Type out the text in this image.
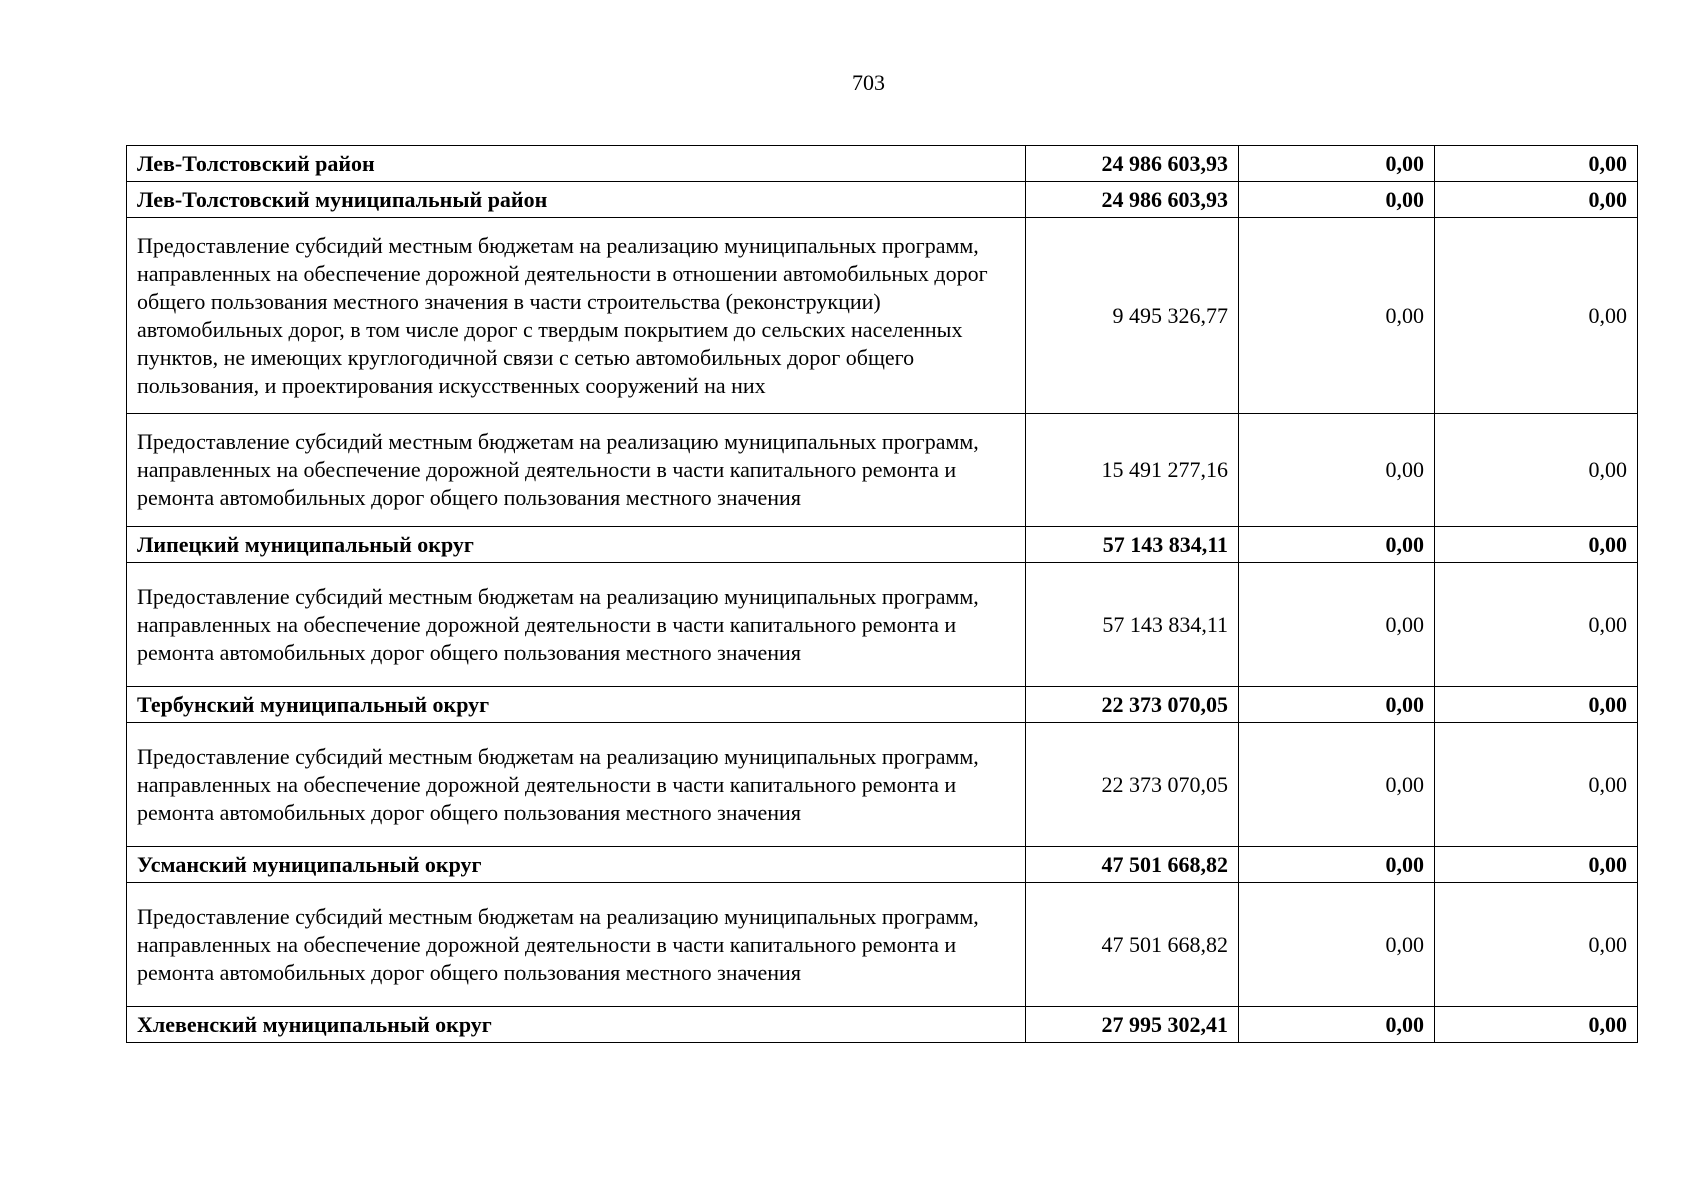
703
Лев-Толстовский район	24 986 603,93	0,00	0,00
Лев-Толстовский муниципальный район	24 986 603,93	0,00	0,00
Предоставление субсидий местным бюджетам на реализацию муниципальных программ, направленных на обеспечение дорожной деятельности в отношении автомобильных дорог общего пользования местного значения в части строительства (реконструкции) автомобильных дорог, в том числе дорог с твердым покрытием до сельских населенных пунктов, не имеющих круглогодичной связи с сетью автомобильных дорог общего пользования, и проектирования искусственных сооружений на них	9 495 326,77	0,00	0,00
Предоставление субсидий местным бюджетам на реализацию муниципальных программ, направленных на обеспечение дорожной деятельности в части капитального ремонта и ремонта автомобильных дорог общего пользования местного значения	15 491 277,16	0,00	0,00
Липецкий муниципальный округ	57 143 834,11	0,00	0,00
Предоставление субсидий местным бюджетам на реализацию муниципальных программ, направленных на обеспечение дорожной деятельности в части капитального ремонта и ремонта автомобильных дорог общего пользования местного значения	57 143 834,11	0,00	0,00
Тербунский муниципальный округ	22 373 070,05	0,00	0,00
Предоставление субсидий местным бюджетам на реализацию муниципальных программ, направленных на обеспечение дорожной деятельности в части капитального ремонта и ремонта автомобильных дорог общего пользования местного значения	22 373 070,05	0,00	0,00
Усманский муниципальный округ	47 501 668,82	0,00	0,00
Предоставление субсидий местным бюджетам на реализацию муниципальных программ, направленных на обеспечение дорожной деятельности в части капитального ремонта и ремонта автомобильных дорог общего пользования местного значения	47 501 668,82	0,00	0,00
Хлевенский муниципальный округ	27 995 302,41	0,00	0,00
